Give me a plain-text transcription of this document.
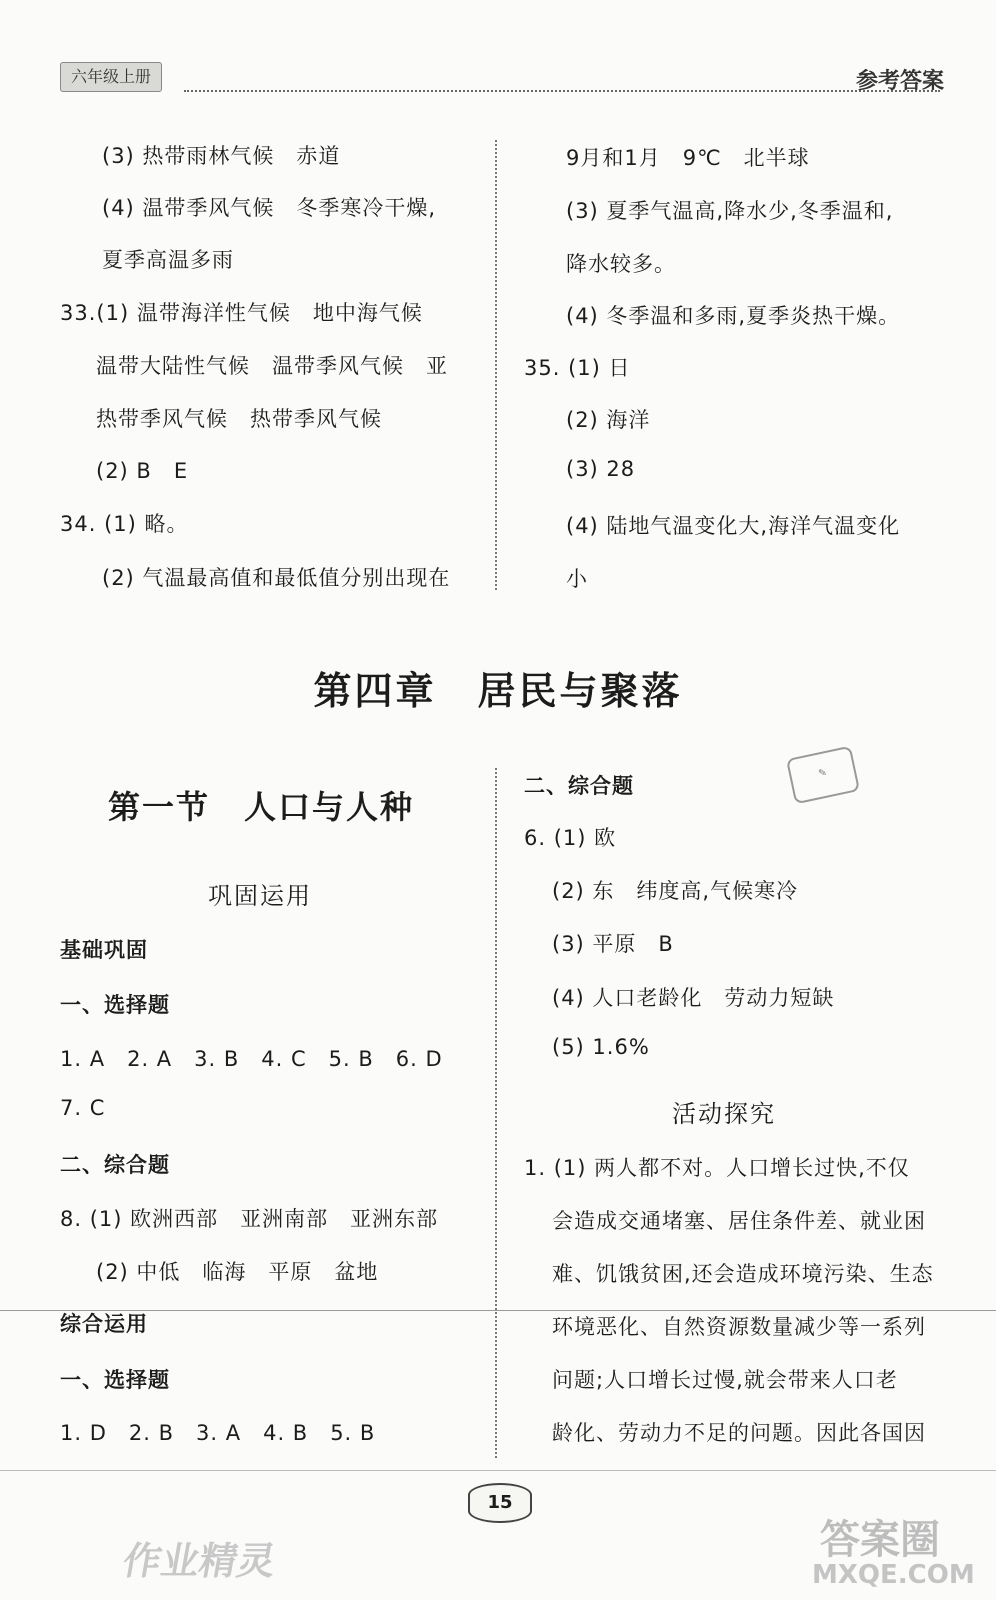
六年级上册	参考答案
(3) 热带雨林气候　赤道
(4) 温带季风气候　冬季寒冷干燥,
夏季高温多雨
33.(1) 温带海洋性气候　地中海气候
温带大陆性气候　温带季风气候　亚
热带季风气候　热带季风气候
(2) B　E
34. (1) 略。
(2) 气温最高值和最低值分别出现在
9月和1月　9℃　北半球
(3) 夏季气温高,降水少,冬季温和,
降水较多。
(4) 冬季温和多雨,夏季炎热干燥。
35. (1) 日
(2) 海洋
(3) 28
(4) 陆地气温变化大,海洋气温变化
小
第四章　居民与聚落
第一节　人口与人种
巩固运用
基础巩固
一、选择题
1. A　2. A　3. B　4. C　5. B　6. D
7. C
二、综合题
8. (1) 欧洲西部　亚洲南部　亚洲东部
(2) 中低　临海　平原　盆地
综合运用
一、选择题
1. D　2. B　3. A　4. B　5. B
二、综合题
6. (1) 欧
(2) 东　纬度高,气候寒冷
(3) 平原　B
(4) 人口老龄化　劳动力短缺
(5) 1.6%
活动探究
1. (1) 两人都不对。人口增长过快,不仅
会造成交通堵塞、居住条件差、就业困
难、饥饿贫困,还会造成环境污染、生态
环境恶化、自然资源数量减少等一系列
问题;人口增长过慢,就会带来人口老
龄化、劳动力不足的问题。因此各国因
✎
15
作业精灵	答案圈
MXQE.COM
